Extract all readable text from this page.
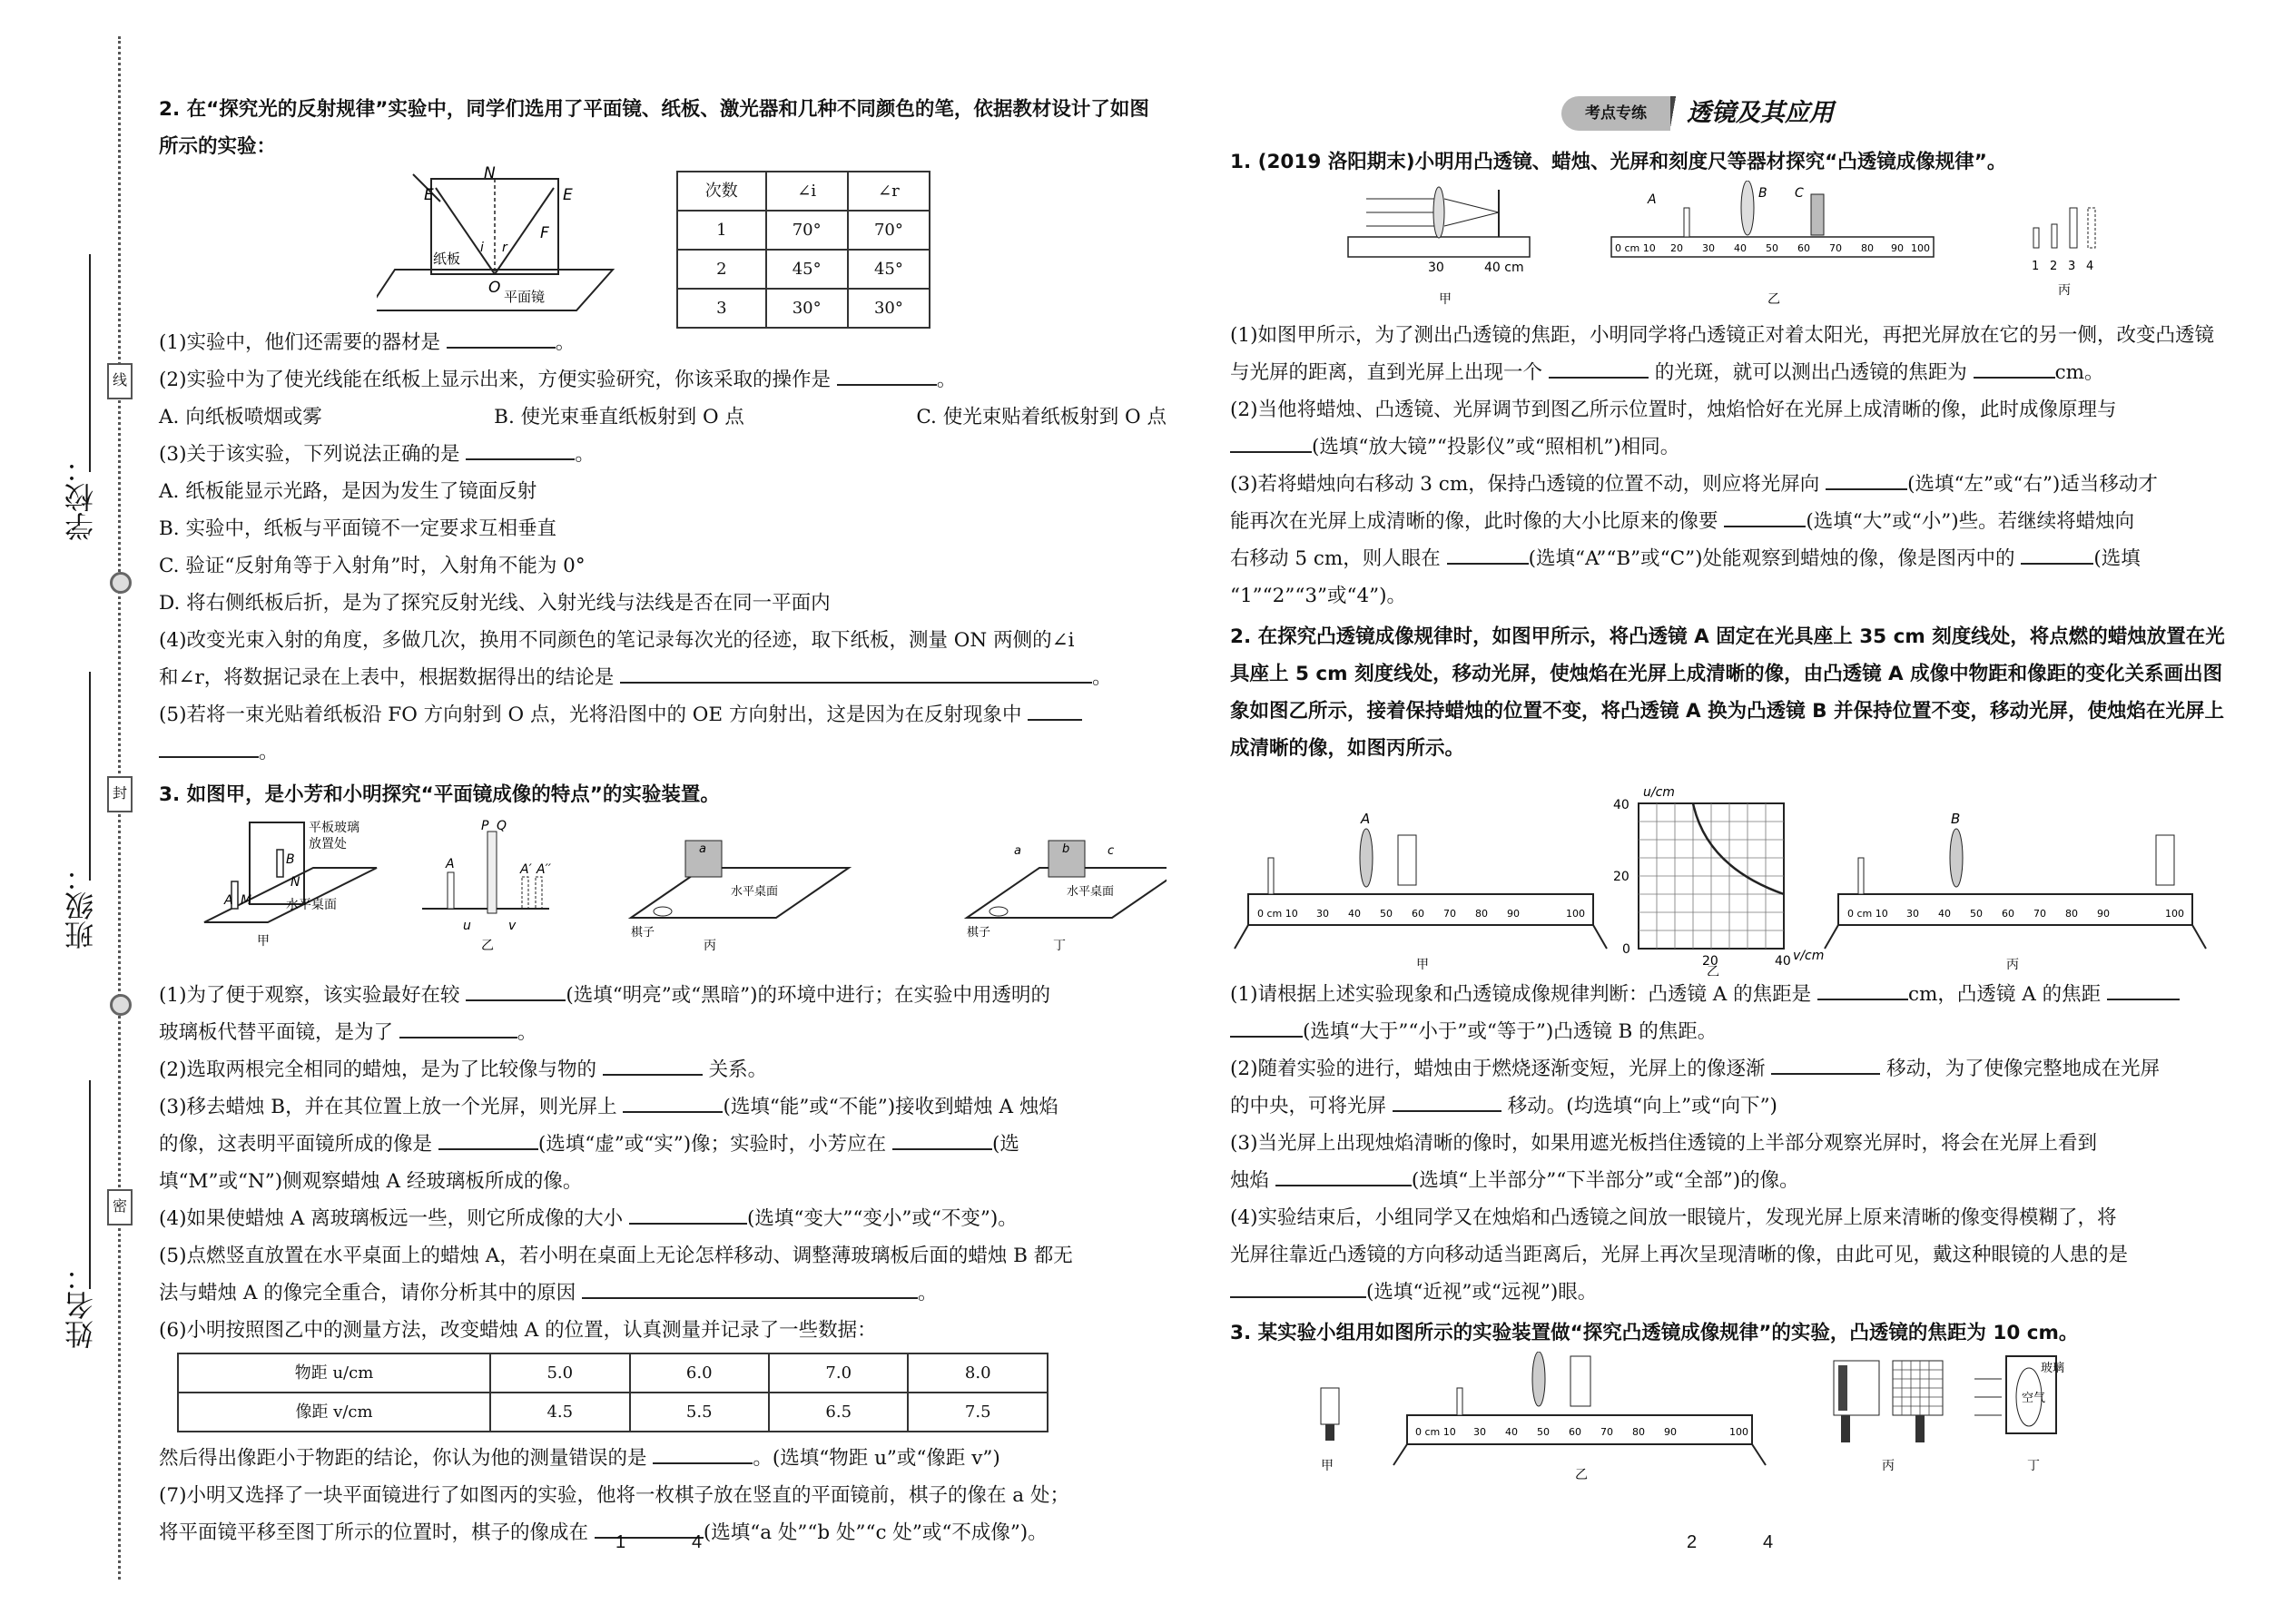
学校：
班级：
姓名：
线
封
密

2. 在“探究光的反射规律”实验中，同学们选用了平面镜、纸板、激光器和几种不同颜色的笔，依据教材设计了如图所示的实验：

E
N
E
F
O
i r
纸板
平面镜
次数	∠i	∠r
1	70°	70°
2	45°	45°
3	30°	30°

(1)实验中，他们还需要的器材是	。

(2)实验中为了使光线能在纸板上显示出来，方便实验研究，你该采取的操作是	。

A. 向纸板喷烟或雾	B. 使光束垂直纸板射到 O 点	C. 使光束贴着纸板射到 O 点

(3)关于该实验，下列说法正确的是	。

A. 纸板能显示光路，是因为发生了镜面反射

B. 实验中，纸板与平面镜不一定要求互相垂直

C. 验证“反射角等于入射角”时，入射角不能为 0°

D. 将右侧纸板后折，是为了探究反射光线、入射光线与法线是否在同一平面内

(4)改变光束入射的角度，多做几次，换用不同颜色的笔记录每次光的径迹，取下纸板，测量 ON 两侧的∠i

和∠r，将数据记录在上表中，根据数据得出的结论是	。

(5)若将一束光贴着纸板沿 FO 方向射到 O 点，光将沿图中的 OE 方向射出，这是因为在反射现象中

。

3. 如图甲，是小芳和小明探究“平面镜成像的特点”的实验装置。

平板玻璃
放置处
水平桌面
A
B
M
N
甲
A
P Q
A′ A′′
u	v
乙
a
水平桌面
棋子
丙
a	b	c
水平桌面
棋子
丁

(1)为了便于观察，该实验最好在较	(选填“明亮”或“黑暗”)的环境中进行；在实验中用透明的

玻璃板代替平面镜，是为了	。

(2)选取两根完全相同的蜡烛，是为了比较像与物的	关系。

(3)移去蜡烛 B，并在其位置上放一个光屏，则光屏上	(选填“能”或“不能”)接收到蜡烛 A 烛焰

的像，这表明平面镜所成的像是	(选填“虚”或“实”)像；实验时，小芳应在	(选

填“M”或“N”)侧观察蜡烛 A 经玻璃板所成的像。

(4)如果使蜡烛 A 离玻璃板远一些，则它所成像的大小	(选填“变大”“变小”或“不变”)。

(5)点燃竖直放置在水平桌面上的蜡烛 A，若小明在桌面上无论怎样移动、调整薄玻璃板后面的蜡烛 B 都无

法与蜡烛 A 的像完全重合，请你分析其中的原因	。

(6)小明按照图乙中的测量方法，改变蜡烛 A 的位置，认真测量并记录了一些数据：

物距 u/cm	5.0	6.0	7.0	8.0
像距 v/cm	4.5	5.5	6.5	7.5

然后得出像距小于物距的结论，你认为他的测量错误的是	。(选填“物距 u”或“像距 v”)

(7)小明又选择了一块平面镜进行了如图丙的实验，他将一枚棋子放在竖直的平面镜前，棋子的像在 a 处；

将平面镜平移至图丁所示的位置时，棋子的像成在	(选填“a 处”“b 处”“c 处”或“不成像”)。

1	4
考点专练	透镜及其应用

1. (2019 洛阳期末)小明用凸透镜、蜡烛、光屏和刻度尺等器材探究“凸透镜成像规律”。

30	40 cm
甲
0 cm 10 20 30 40 50 60 70 80 90 100
A	B C
乙
1 2 3 4
丙

(1)如图甲所示，为了测出凸透镜的焦距，小明同学将凸透镜正对着太阳光，再把光屏放在它的另一侧，改变凸透镜

与光屏的距离，直到光屏上出现一个	的光斑，就可以测出凸透镜的焦距为	cm。

(2)当他将蜡烛、凸透镜、光屏调节到图乙所示位置时，烛焰恰好在光屏上成清晰的像，此时成像原理与

(选填“放大镜”“投影仪”或“照相机”)相同。

(3)若将蜡烛向右移动 3 cm，保持凸透镜的位置不动，则应将光屏向	(选填“左”或“右”)适当移动才

能再次在光屏上成清晰的像，此时像的大小比原来的像要	(选填“大”或“小”)些。若继续将蜡烛向

右移动 5 cm，则人眼在	(选填“A”“B”或“C”)处能观察到蜡烛的像，像是图丙中的	(选填

“1”“2”“3”或“4”)。

2. 在探究凸透镜成像规律时，如图甲所示，将凸透镜 A 固定在光具座上 35 cm 刻度线处，将点燃的蜡烛放置在光具座上 5 cm 刻度线处，移动光屏，使烛焰在光屏上成清晰的像，由凸透镜 A 成像中物距和像距的变化关系画出图象如图乙所示，接着保持蜡烛的位置不变，将凸透镜 A 换为凸透镜 B 并保持位置不变，移动光屏，使烛焰在光屏上成清晰的像，如图丙所示。

0 cm 10 30 40 50 60 70 80 90	100
A
甲
u/cm
v/cm
40
20
0
20	40
乙
0 cm 10 30 40 50 60 70 80 90	100
B
丙

(1)请根据上述实验现象和凸透镜成像规律判断：凸透镜 A 的焦距是	cm，凸透镜 A 的焦距

(选填“大于”“小于”或“等于”)凸透镜 B 的焦距。

(2)随着实验的进行，蜡烛由于燃烧逐渐变短，光屏上的像逐渐	移动，为了使像完整地成在光屏

的中央，可将光屏	移动。(均选填“向上”或“向下”)

(3)当光屏上出现烛焰清晰的像时，如果用遮光板挡住透镜的上半部分观察光屏时，将会在光屏上看到

烛焰	(选填“上半部分”“下半部分”或“全部”)的像。

(4)实验结束后，小组同学又在烛焰和凸透镜之间放一眼镜片，发现光屏上原来清晰的像变得模糊了，将

光屏往靠近凸透镜的方向移动适当距离后，光屏上再次呈现清晰的像，由此可见，戴这种眼镜的人患的是

(选填“近视”或“远视”)眼。

3. 某实验小组用如图所示的实验装置做“探究凸透镜成像规律”的实验，凸透镜的焦距为 10 cm。

甲
0 cm 10 30 40 50 60 70 80 90	100
乙
丙
玻璃
空气
丁
2	4
